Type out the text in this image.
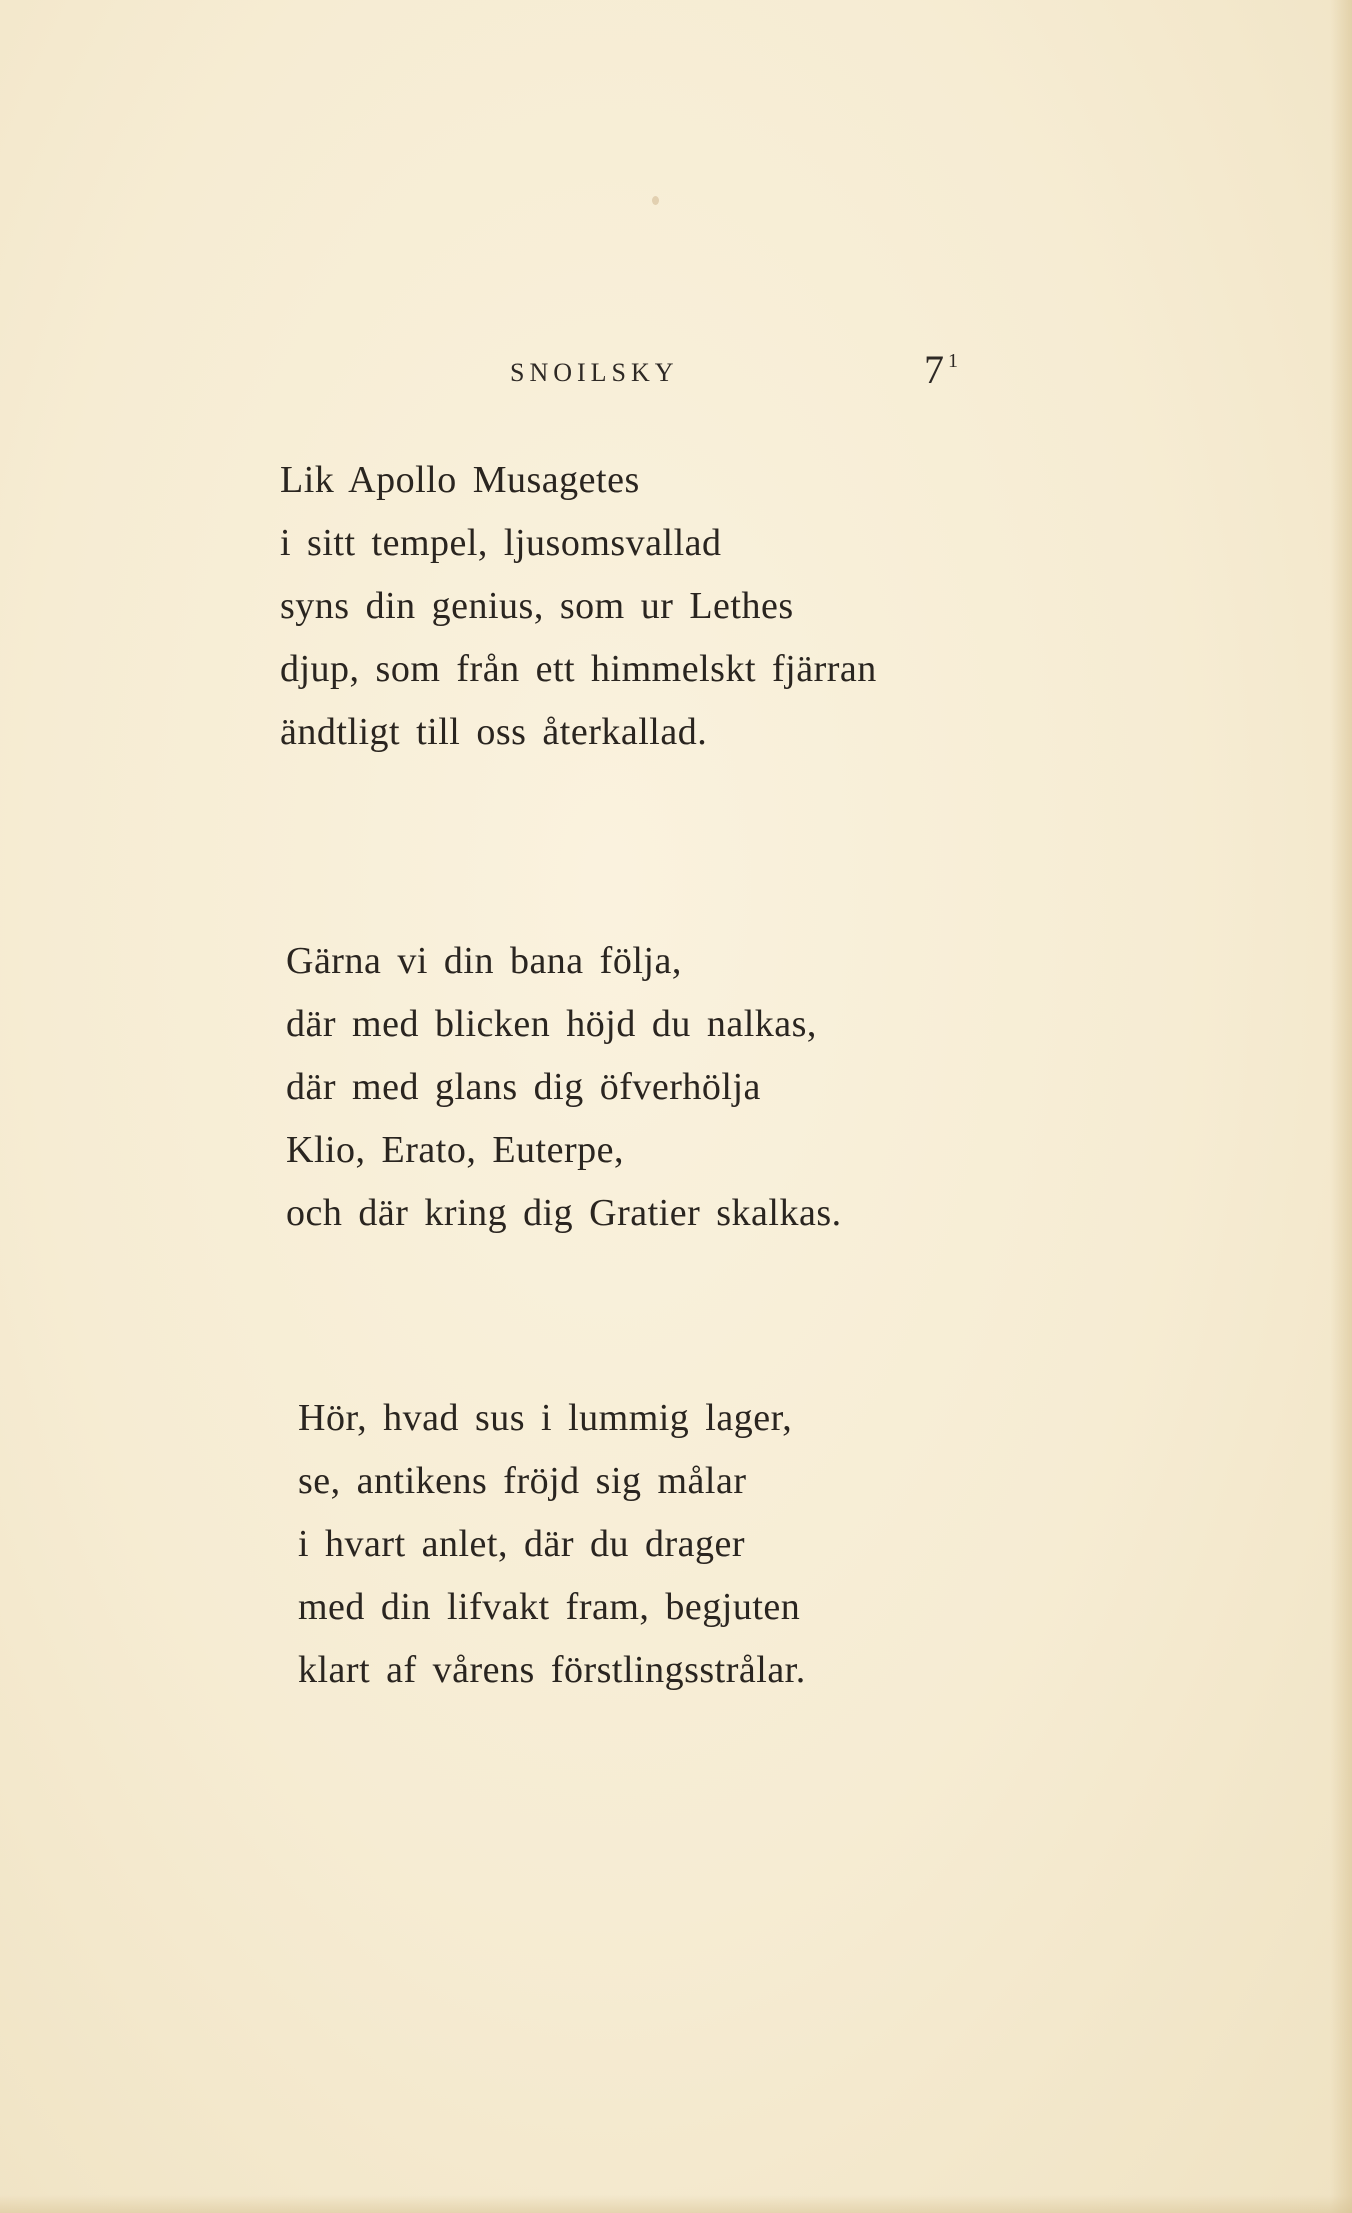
SNOILSKY	7 $^1$
Lik Apollo Musagetes
i sitt tempel, ljusomsvallad
syns din genius, som ur Lethes
djup, som från ett himmelskt fjärran
ändtligt till oss återkallad.
Gärna vi din bana följa,
där med blicken höjd du nalkas,
där med glans dig öfverhölja
Klio, Erato, Euterpe,
och där kring dig Gratier skalkas.
Hör, hvad sus i lummig lager,
se, antikens fröjd sig målar
i hvart anlet, där du drager
med din lifvakt fram, begjuten
klart af vårens förstlingsstrålar.
